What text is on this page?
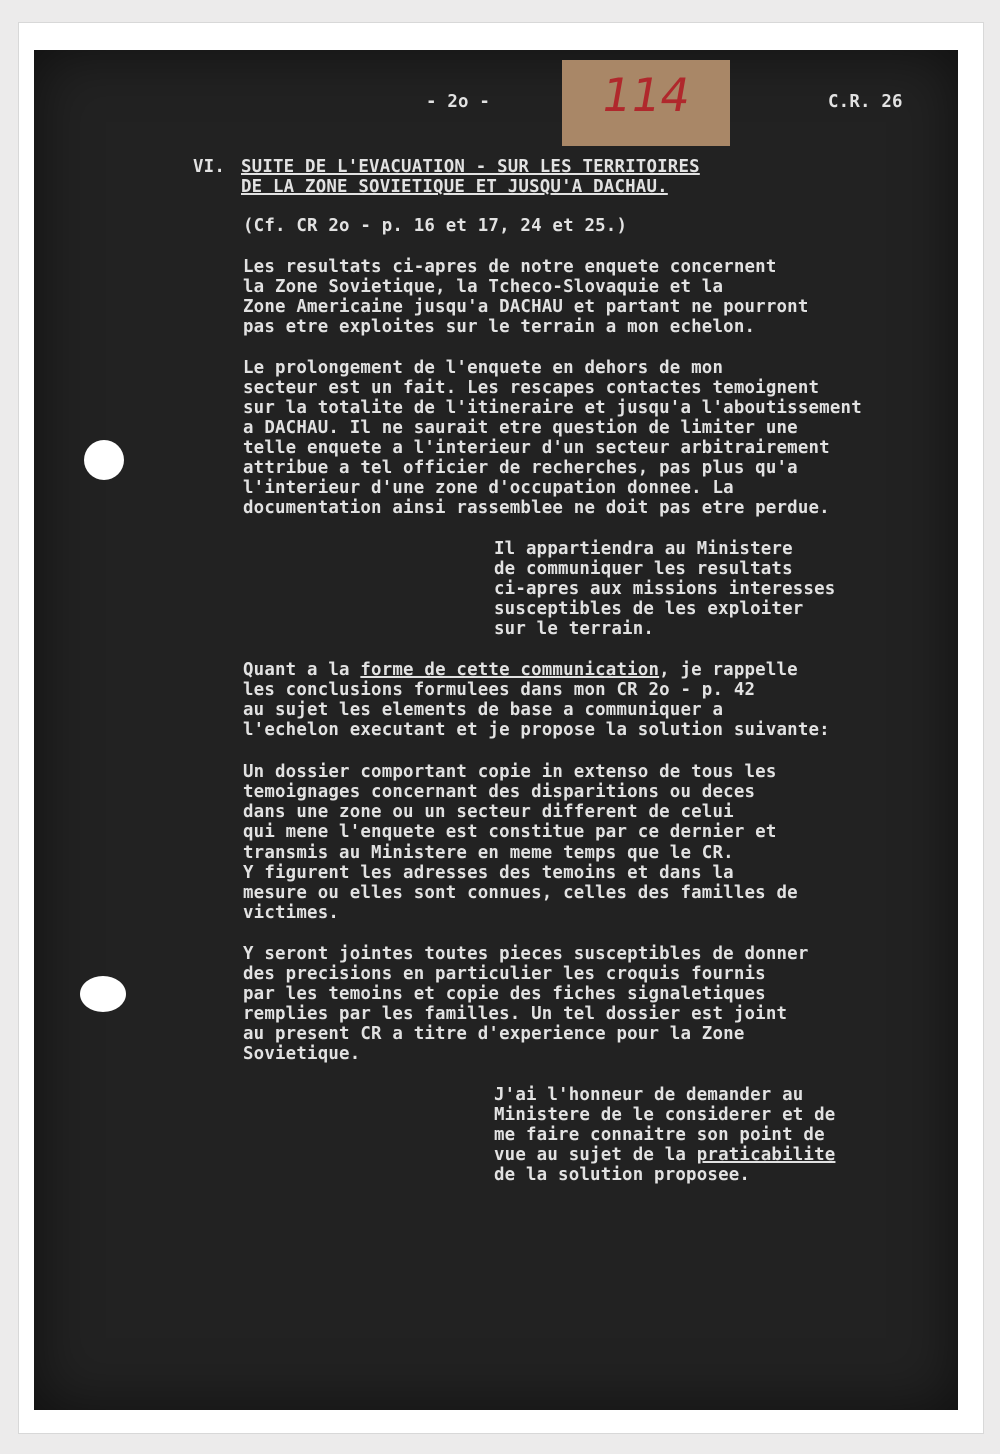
114
- 2o -	C.R. 26
VI. SUITE DE L'EVACUATION - SUR LES TERRITOIRES
DE LA ZONE SOVIETIQUE ET JUSQU'A DACHAU.
(Cf. CR 2o - p. 16 et 17, 24 et 25.)
Les resultats ci-apres de notre enquete concernent
la Zone Sovietique, la Tcheco-Slovaquie et la
Zone Americaine jusqu'a DACHAU et partant ne pourront
pas etre exploites sur le terrain a mon echelon.
Le prolongement de l'enquete en dehors de mon
secteur est un fait. Les rescapes contactes temoignent
sur la totalite de l'itineraire et jusqu'a l'aboutissement
a DACHAU. Il ne saurait etre question de limiter une
telle enquete a l'interieur d'un secteur arbitrairement
attribue a tel officier de recherches, pas plus qu'a
l'interieur d'une zone d'occupation donnee. La
documentation ainsi rassemblee ne doit pas etre perdue.
Il appartiendra au Ministere
de communiquer les resultats
ci-apres aux missions interesses
susceptibles de les exploiter
sur le terrain.
Quant a la forme de cette communication, je rappelle
les conclusions formulees dans mon CR 2o - p. 42
au sujet les elements de base a communiquer a
l'echelon executant et je propose la solution suivante:
Un dossier comportant copie in extenso de tous les
temoignages concernant des disparitions ou deces
dans une zone ou un secteur different de celui
qui mene l'enquete est constitue par ce dernier et
transmis au Ministere en meme temps que le CR.
Y figurent les adresses des temoins et dans la
mesure ou elles sont connues, celles des familles de
victimes.
Y seront jointes toutes pieces susceptibles de donner
des precisions en particulier les croquis fournis
par les temoins et copie des fiches signaletiques
remplies par les familles. Un tel dossier est joint
au present CR a titre d'experience pour la Zone
Sovietique.
J'ai l'honneur de demander au
Ministere de le considerer et de
me faire connaitre son point de
vue au sujet de la praticabilite
de la solution proposee.
